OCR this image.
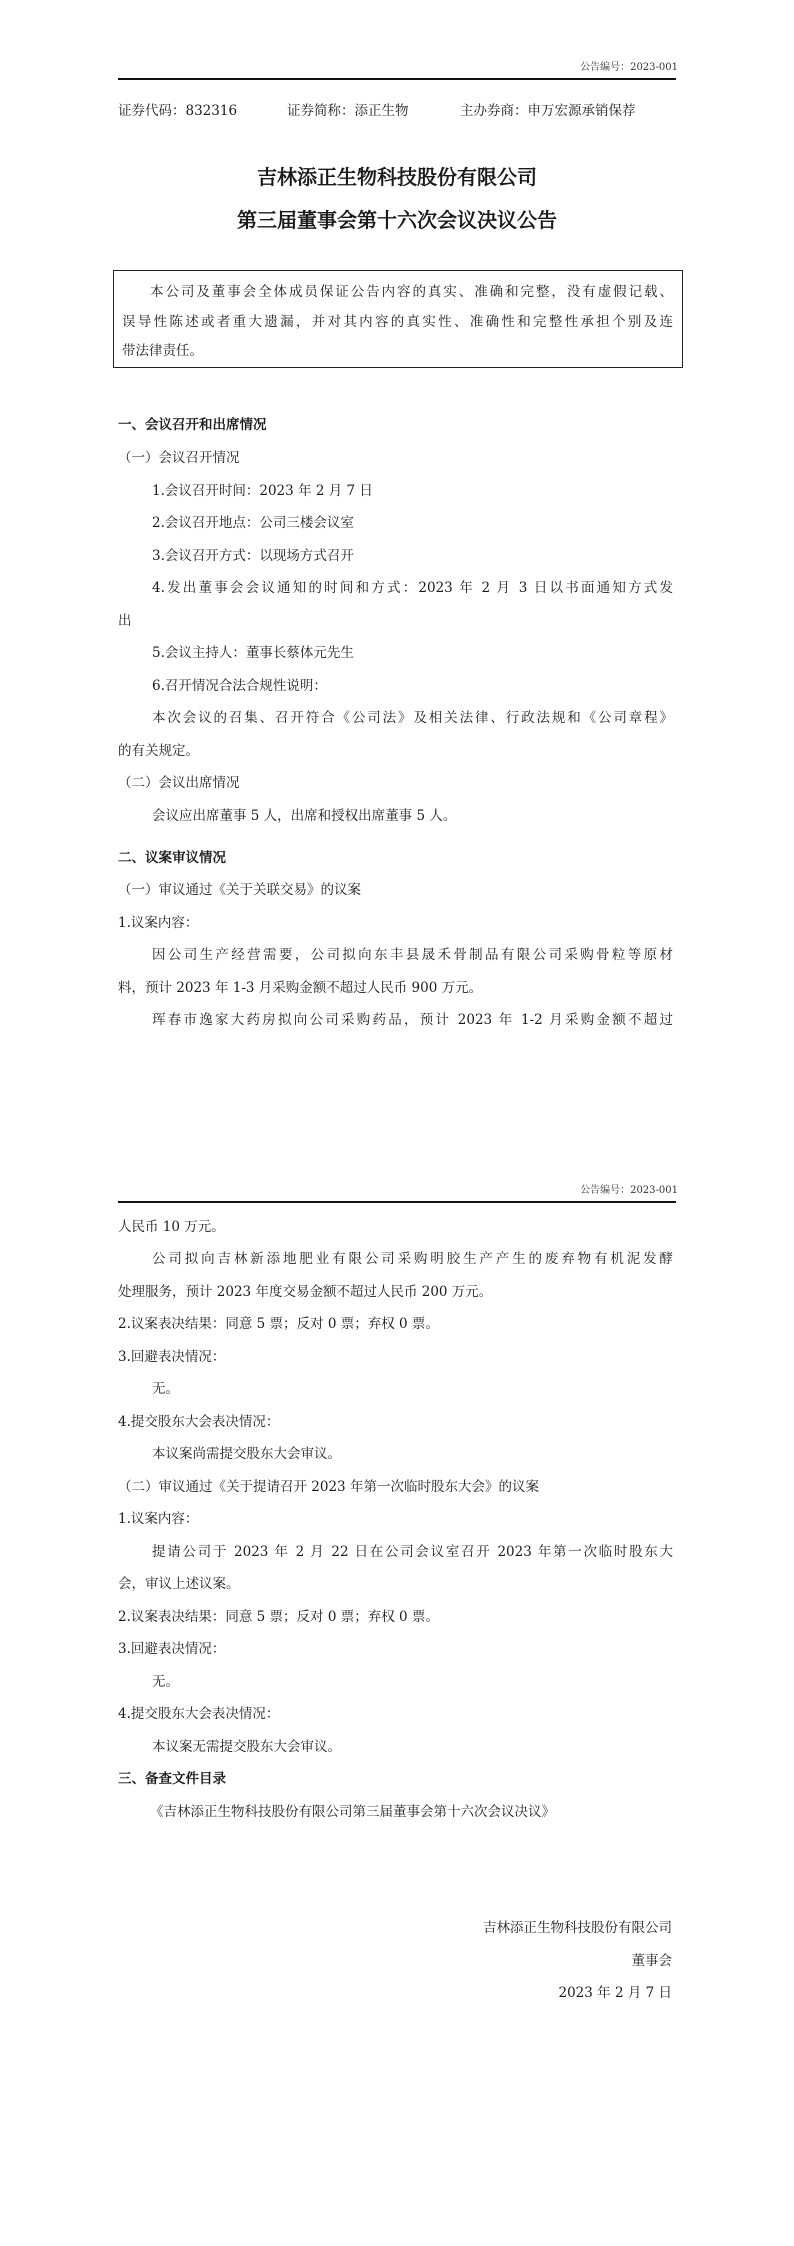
公告编号：2023-001
证券代码：832316	证券简称：添正生物	主办券商：申万宏源承销保荐
吉林添正生物科技股份有限公司
第三届董事会第十六次会议决议公告
本公司及董事会全体成员保证公告内容的真实、准确和完整，没有虚假记载、
误导性陈述或者重大遗漏，并对其内容的真实性、准确性和完整性承担个别及连
带法律责任。
一、会议召开和出席情况
（一）会议召开情况
1.会议召开时间：2023 年 2 月 7 日
2.会议召开地点：公司三楼会议室
3.会议召开方式：以现场方式召开
4.发出董事会会议通知的时间和方式：2023 年 2 月 3 日以书面通知方式发
出
5.会议主持人：董事长蔡体元先生
6.召开情况合法合规性说明：
本次会议的召集、召开符合《公司法》及相关法律、行政法规和《公司章程》
的有关规定。
（二）会议出席情况
会议应出席董事 5 人，出席和授权出席董事 5 人。
二、议案审议情况
（一）审议通过《关于关联交易》的议案
1.议案内容：
因公司生产经营需要，公司拟向东丰县晟禾骨制品有限公司采购骨粒等原材
料，预计 2023 年 1-3 月采购金额不超过人民币 900 万元。
珲春市逸家大药房拟向公司采购药品，预计 2023 年 1-2 月采购金额不超过
公告编号：2023-001
人民币 10 万元。
公司拟向吉林新添地肥业有限公司采购明胶生产产生的废弃物有机泥发酵
处理服务，预计 2023 年度交易金额不超过人民币 200 万元。
2.议案表决结果：同意 5 票；反对 0 票；弃权 0 票。
3.回避表决情况：
无。
4.提交股东大会表决情况：
本议案尚需提交股东大会审议。
（二）审议通过《关于提请召开 2023 年第一次临时股东大会》的议案
1.议案内容：
提请公司于 2023 年 2 月 22 日在公司会议室召开 2023 年第一次临时股东大
会，审议上述议案。
2.议案表决结果：同意 5 票；反对 0 票；弃权 0 票。
3.回避表决情况：
无。
4.提交股东大会表决情况：
本议案无需提交股东大会审议。
三、备查文件目录
《吉林添正生物科技股份有限公司第三届董事会第十六次会议决议》
吉林添正生物科技股份有限公司
董事会
2023 年 2 月 7 日
